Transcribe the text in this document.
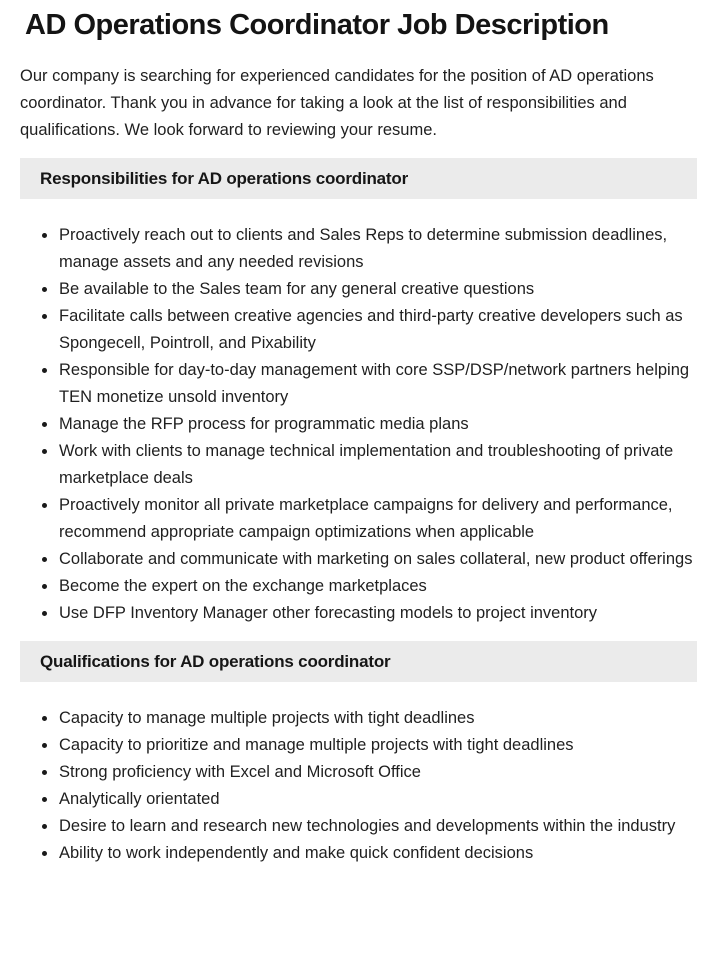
AD Operations Coordinator Job Description

Our company is searching for experienced candidates for the position of AD operations coordinator. Thank you in advance for taking a look at the list of responsibilities and qualifications. We look forward to reviewing your resume.

Responsibilities for AD operations coordinator
Proactively reach out to clients and Sales Reps to determine submission deadlines, manage assets and any needed revisions
Be available to the Sales team for any general creative questions
Facilitate calls between creative agencies and third-party creative developers such as Spongecell, Pointroll, and Pixability
Responsible for day-to-day management with core SSP/DSP/network partners helping TEN monetize unsold inventory
Manage the RFP process for programmatic media plans
Work with clients to manage technical implementation and troubleshooting of private marketplace deals
Proactively monitor all private marketplace campaigns for delivery and performance, recommend appropriate campaign optimizations when applicable
Collaborate and communicate with marketing on sales collateral, new product offerings
Become the expert on the exchange marketplaces
Use DFP Inventory Manager other forecasting models to project inventory
Qualifications for AD operations coordinator
Capacity to manage multiple projects with tight deadlines
Capacity to prioritize and manage multiple projects with tight deadlines
Strong proficiency with Excel and Microsoft Office
Analytically orientated
Desire to learn and research new technologies and developments within the industry
Ability to work independently and make quick confident decisions
